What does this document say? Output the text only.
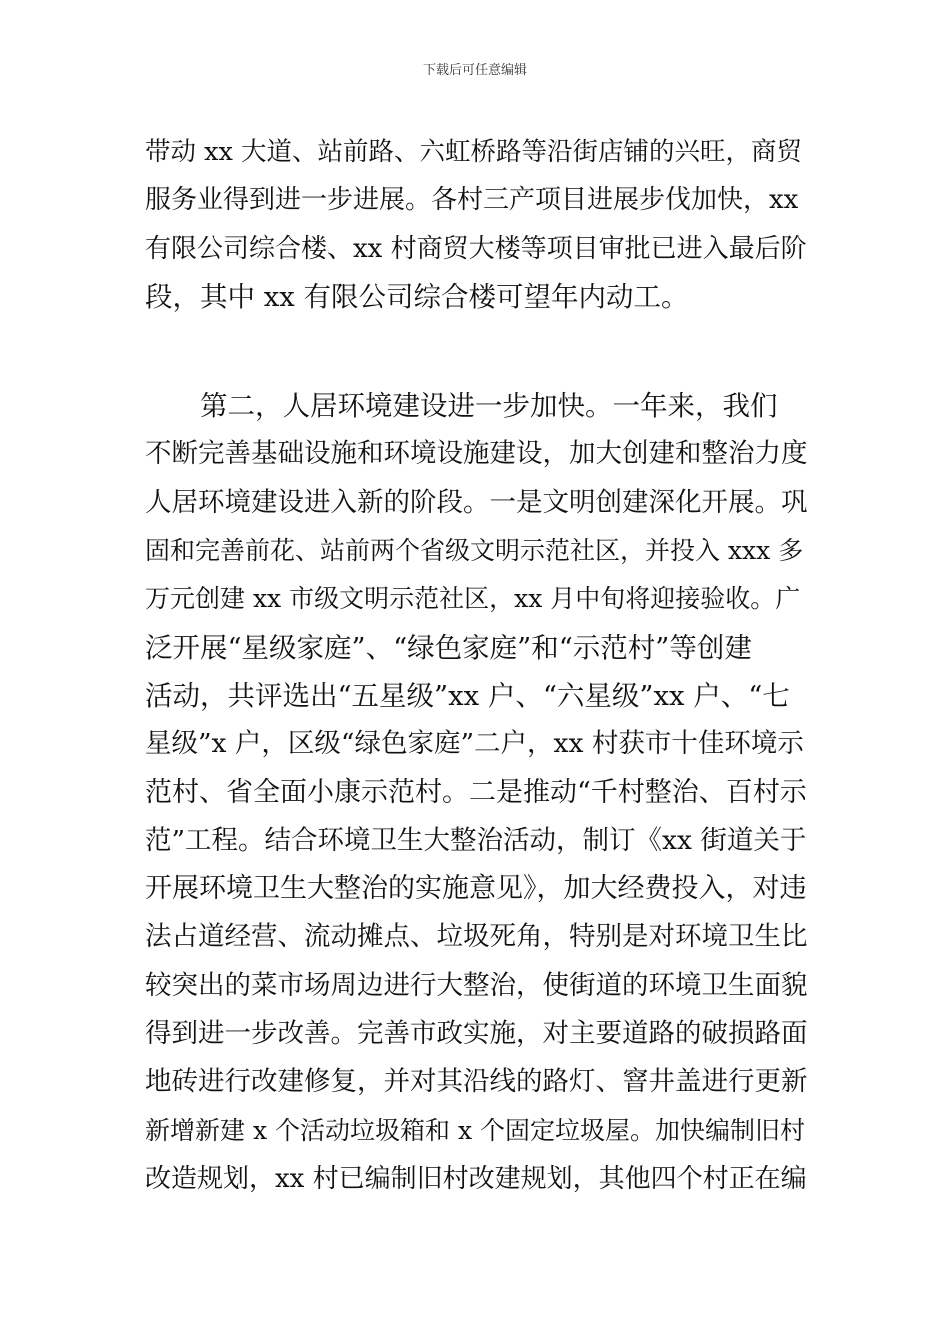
下载后可任意编辑
带动 xx 大道、站前路、六虹桥路等沿街店铺的兴旺，商贸
服务业得到进一步进展。各村三产项目进展步伐加快，xx
有限公司综合楼、xx 村商贸大楼等项目审批已进入最后阶
段，其中 xx 有限公司综合楼可望年内动工。
　　第二，人居环境建设进一步加快。一年来，我们
不断完善基础设施和环境设施建设，加大创建和整治力度
人居环境建设进入新的阶段。一是文明创建深化开展。巩
固和完善前花、站前两个省级文明示范社区，并投入 xxx 多
万元创建 xx 市级文明示范社区，xx 月中旬将迎接验收。广
泛开展“星级家庭”、“绿色家庭”和“示范村”等创建
活动，共评选出“五星级”xx 户、“六星级”xx 户、“七
星级”x 户，区级“绿色家庭”二户，xx 村获市十佳环境示
范村、省全面小康示范村。二是推动“千村整治、百村示
范”工程。结合环境卫生大整治活动，制订《xx 街道关于
开展环境卫生大整治的实施意见》，加大经费投入，对违
法占道经营、流动摊点、垃圾死角，特别是对环境卫生比
较突出的菜市场周边进行大整治，使街道的环境卫生面貌
得到进一步改善。完善市政实施，对主要道路的破损路面
地砖进行改建修复，并对其沿线的路灯、窨井盖进行更新
新增新建 x 个活动垃圾箱和 x 个固定垃圾屋。加快编制旧村
改造规划，xx 村已编制旧村改建规划，其他四个村正在编
